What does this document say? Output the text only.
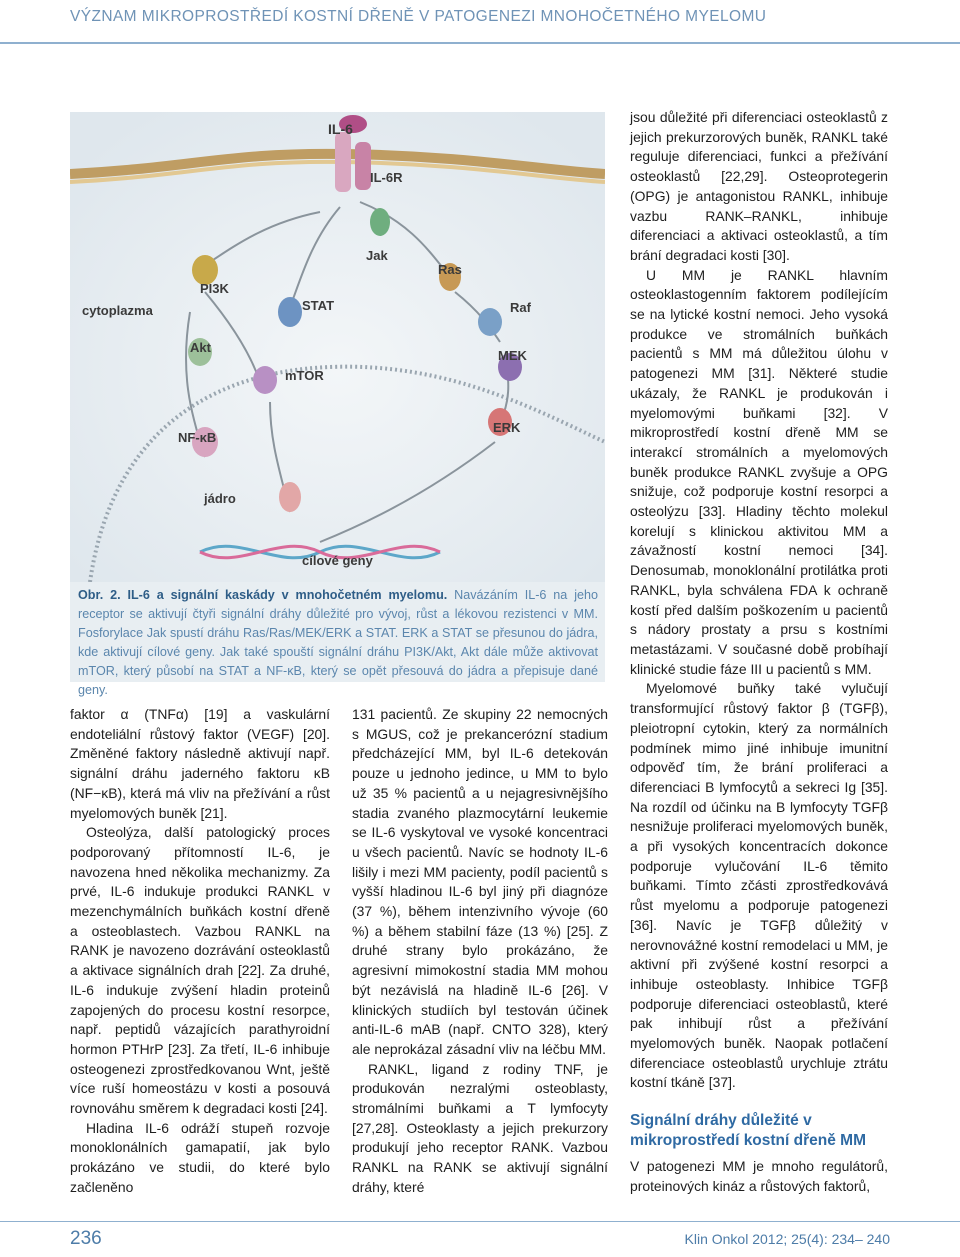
VÝZNAM MIKROPROSTŘEDÍ KOSTNÍ DŘENĚ V PATOGENEZI MNOHOČETNÉHO MYELOMU
IL-6
IL-6R
Jak
Ras
Raf
MEK
ERK
PI3K
STAT
cytoplazma
Akt
mTOR
NF-κB
jádro
cílové geny
Obr. 2. IL-6 a signální kaskády v mnohočetném myelomu. Navázáním IL-6 na jeho receptor se aktivují čtyři signální dráhy důležité pro vývoj, růst a lékovou rezistenci v MM. Fosforylace Jak spustí dráhu Ras/Ras/MEK/ERK a STAT. ERK a STAT se přesunou do jádra, kde aktivují cílové geny. Jak také spouští signální dráhu PI3K/Akt, Akt dále může aktivovat mTOR, který působí na STAT a NF-κB, který se opět přesouvá do jádra a přepisuje dané geny.

faktor α (TNFα) [19] a vaskulární endoteliální růstový faktor (VEGF) [20]. Změněné faktory následně aktivují např. signální dráhu jaderného faktoru κB (NF−κB), která má vliv na přežívání a růst myelomových buněk [21].

Osteolýza, další patologický proces podporovaný přítomností IL-6, je navozena hned několika mechanizmy. Za prvé, IL-6 indukuje produkci RANKL v mezenchymálních buňkách kostní dřeně a osteoblastech. Vazbou RANKL na RANK je navozeno dozrávání osteoklastů a aktivace signálních drah [22]. Za druhé, IL-6 indukuje zvýšení hladin proteinů zapojených do procesu kostní resorpce, např. peptidů vázajících parathyroidní hormon PTHrP [23]. Za třetí, IL-6 inhibuje osteogenezi zprostředkovanou Wnt, ještě více ruší homeostázu v kosti a posouvá rovnováhu směrem k degradaci kosti [24].

Hladina IL-6 odráží stupeň rozvoje monoklonálních gamapatií, jak bylo prokázáno ve studii, do které bylo začleněno

131 pacientů. Ze skupiny 22 nemocných s MGUS, což je prekancerózní stadium předcházející MM, byl IL-6 detekován pouze u jednoho jedince, u MM to bylo už 35 % pacientů a u nejagresivnějšího stadia zvaného plazmocytární leukemie se IL-6 vyskytoval ve vysoké koncentraci u všech pacientů. Navíc se hodnoty IL-6 lišily i mezi MM pacienty, podíl pacientů s vyšší hladinou IL-6 byl jiný při diagnóze (37 %), během intenzivního vývoje (60 %) a během stabilní fáze (13 %) [25]. Z druhé strany bylo prokázáno, že agresivní mimokostní stadia MM mohou být nezávislá na hladině IL-6 [26]. V klinických studiích byl testován účinek anti-IL-6 mAB (např. CNTO 328), který ale neprokázal zásadní vliv na léčbu MM.

RANKL, ligand z rodiny TNF, je produkován nezralými osteoblasty, stromálními buňkami a T lymfocyty [27,28]. Osteoklasty a jejich prekurzory produkují jeho receptor RANK. Vazbou RANKL na RANK se aktivují signální dráhy, které

jsou důležité při diferenciaci osteoklastů z jejich prekurzorových buněk, RANKL také reguluje diferenciaci, funkci a přežívání osteoklastů [22,29]. Osteoprotegerin (OPG) je antagonistou RANKL, inhibuje vazbu RANK–RANKL, inhibuje diferenciaci a aktivaci osteoklastů, a tím brání degradaci kosti [30].

U MM je RANKL hlavním osteoklastogenním faktorem podílejícím se na lytické kostní nemoci. Jeho vysoká produkce ve stromálních buňkách pacientů s MM má důležitou úlohu v patogenezi MM [31]. Některé studie ukázaly, že RANKL je produkován i myelomovými buňkami [32]. V mikroprostředí kostní dřeně MM se interakcí stromálních a myelomových buněk produkce RANKL zvyšuje a OPG snižuje, což podporuje kostní resorpci a osteolýzu [33]. Hladiny těchto molekul korelují s klinickou aktivitou MM a závažností kostní nemoci [34]. Denosumab, monoklonální protilátka proti RANKL, byla schválena FDA k ochraně kostí před dalším poškozením u pacientů s nádory prostaty a prsu s kostními metastázami. V současné době probíhají klinické studie fáze III u pacientů s MM.

Myelomové buňky také vylučují transformující růstový faktor β (TGFβ), pleiotropní cytokin, který za normálních podmínek mimo jiné inhibuje imunitní odpověď tím, že brání proliferaci a diferenciaci B lymfocytů a sekreci Ig [35]. Na rozdíl od účinku na B lymfocyty TGFβ nesnižuje proliferaci myelomových buněk, a při vysokých koncentracích dokonce podporuje vylučování IL-6 těmito buňkami. Tímto zčásti zprostředkovává růst myelomu a podporuje patogenezi [36]. Navíc je TGFβ důležitý v nerovnovážné kostní remodelaci u MM, je aktivní při zvýšené kostní resorpci a inhibuje osteoblasty. Inhibice TGFβ podporuje diferenciaci osteoblastů, které pak inhibují růst a přežívání myelomových buněk. Naopak potlačení diferenciace osteoblastů urychluje ztrátu kostní tkáně [37].

Signální dráhy důležité v mikroprostředí kostní dřeně MM

V patogenezi MM je mnoho regulátorů, proteinových kináz a růstových faktorů,

236	Klin Onkol 2012; 25(4): 234– 240
